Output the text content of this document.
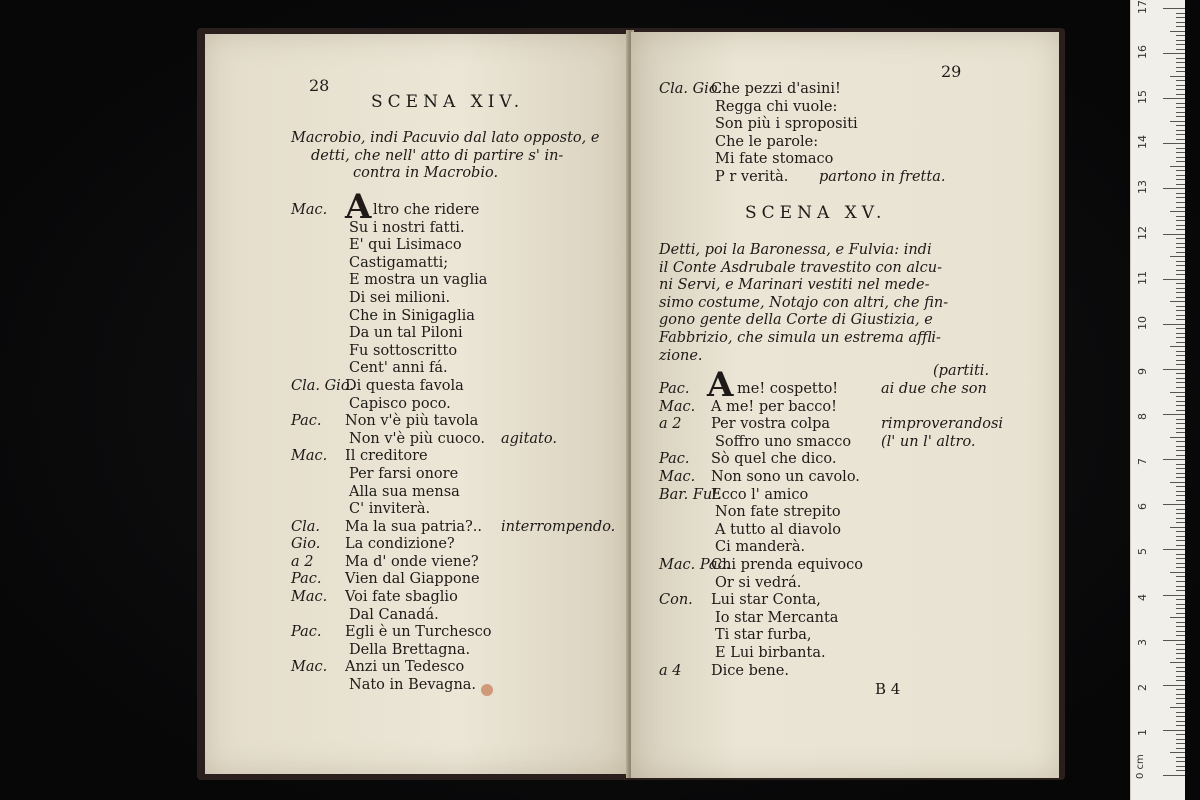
28
SCENA XIV.
Macrobio, indi Pacuvio dal lato opposto, e
detti, che nell' atto di partire s' in-
contra in Macrobio.
A
Mac.	ltro che ridere
Su i nostri fatti.
E' qui Lisimaco
Castigamatti;
E mostra un vaglia
Di sei milioni.
Che in Sinigaglia
Da un tal Piloni
Fu sottoscritto
Cent' anni fá.
Cla. Gio.
Di questa favola
Capisco poco.
Pac. Non v'è più tavola
Non v'è più cuoco. agitato.
Mac. Il creditore
Per farsi onore
Alla sua mensa
C' inviterà.
Cla. Ma la sua patria?.. interrompendo.
Gio. La condizione?
a 2 Ma d' onde viene?
Pac. Vien dal Giappone
Mac. Voi fate sbaglio
Dal Canadá.
Pac. Egli è un Turchesco
Della Brettagna.
Mac. Anzi un Tedesco
Nato in Bevagna.
29
Cla. Gio.
Che pezzi d'asini!
Regga chi vuole:
Son più i spropositi
Che le parole:
Mi fate stomaco
P r verità. partono in fretta.
SCENA XV.
Detti, poi la Baronessa, e Fulvia: indi
il Conte Asdrubale travestito con alcu-
ni Servi, e Marinari vestiti nel mede-
simo costume, Notajo con altri, che fin-
gono gente della Corte di Giustizia, e
Fabbrizio, che simula un estrema affli-
zione.
(partiti.
A
Pac.	me! cospetto!	ai due che son
Mac. A me! per bacco!
a 2 Per vostra colpa	rimproverandosi
Soffro uno smacco (l' un l' altro.
Pac. Sò quel che dico.
Mac. Non sono un cavolo.
Bar. Ful.
Ecco l' amico
Non fate strepito
A tutto al diavolo
Ci manderà.
Mac. Pac.
Chi prenda equivoco
Or si vedrá.
Con. Lui star Conta,
Io star Mercanta
Ti star furba,
E Lui birbanta.
a 4 Dice bene.
B 4
0 cm
1
2
3
4
5
6
7
8
9
10
11
12
13
14
15
16
17
